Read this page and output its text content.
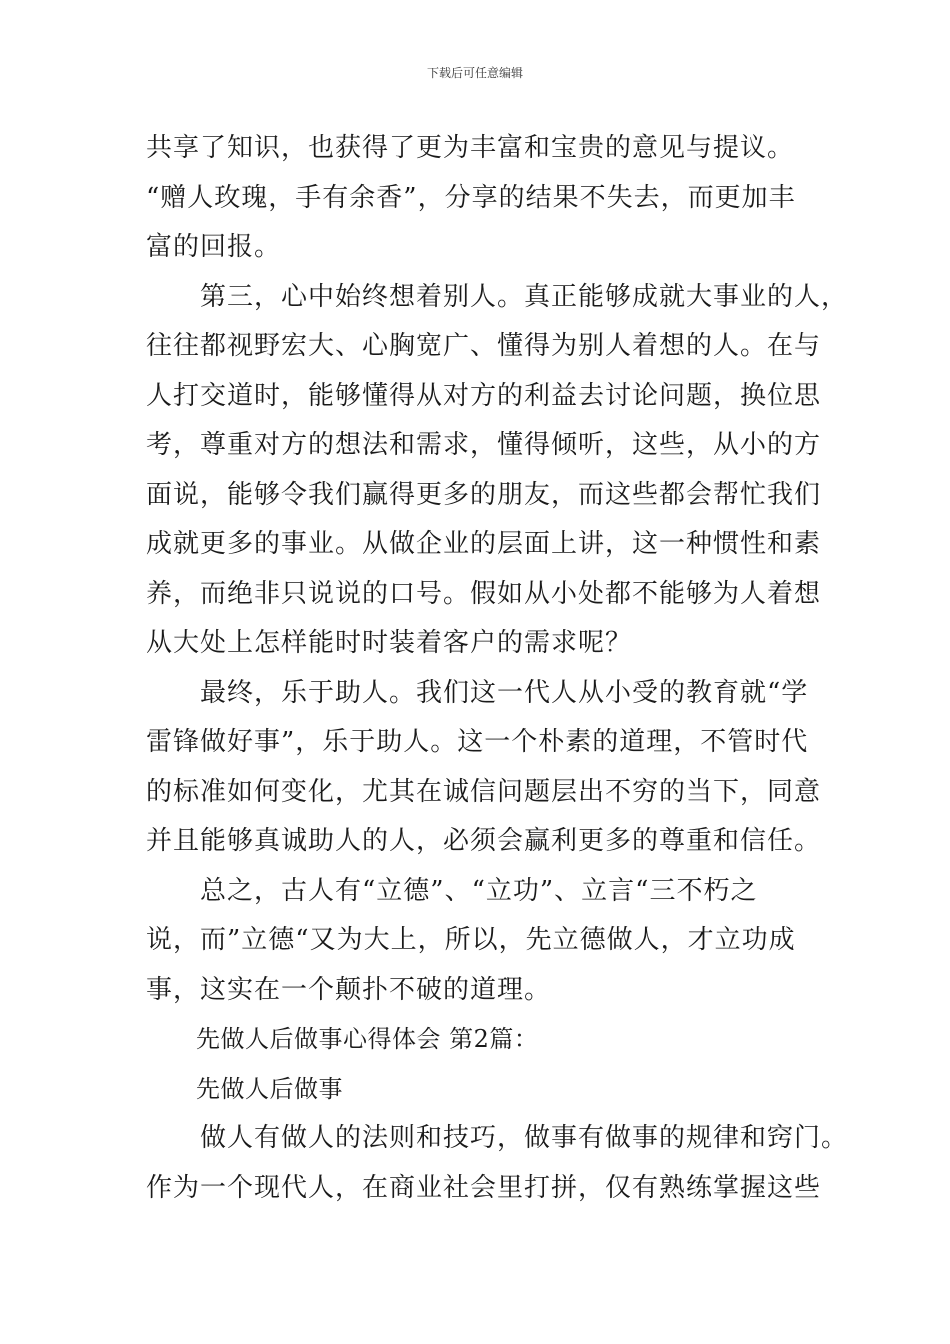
下载后可任意编辑
共享了知识，也获得了更为丰富和宝贵的意见与提议。
“赠人玫瑰，手有余香”，分享的结果不失去，而更加丰
富的回报。
第三，心中始终想着别人。真正能够成就大事业的人，
往往都视野宏大、心胸宽广、懂得为别人着想的人。在与
人打交道时，能够懂得从对方的利益去讨论问题，换位思
考，尊重对方的想法和需求，懂得倾听，这些，从小的方
面说，能够令我们赢得更多的朋友，而这些都会帮忙我们
成就更多的事业。从做企业的层面上讲，这一种惯性和素
养，而绝非只说说的口号。假如从小处都不能够为人着想
从大处上怎样能时时装着客户的需求呢？
最终，乐于助人。我们这一代人从小受的教育就“学
雷锋做好事”，乐于助人。这一个朴素的道理，不管时代
的标准如何变化，尤其在诚信问题层出不穷的当下，同意
并且能够真诚助人的人，必须会赢利更多的尊重和信任。
总之，古人有“立德”、“立功”、立言“三不朽之
说，而”立德“又为大上，所以，先立德做人，才立功成
事，这实在一个颠扑不破的道理。
先做人后做事心得体会 第2篇：
先做人后做事
做人有做人的法则和技巧，做事有做事的规律和窍门。
作为一个现代人，在商业社会里打拼，仅有熟练掌握这些
